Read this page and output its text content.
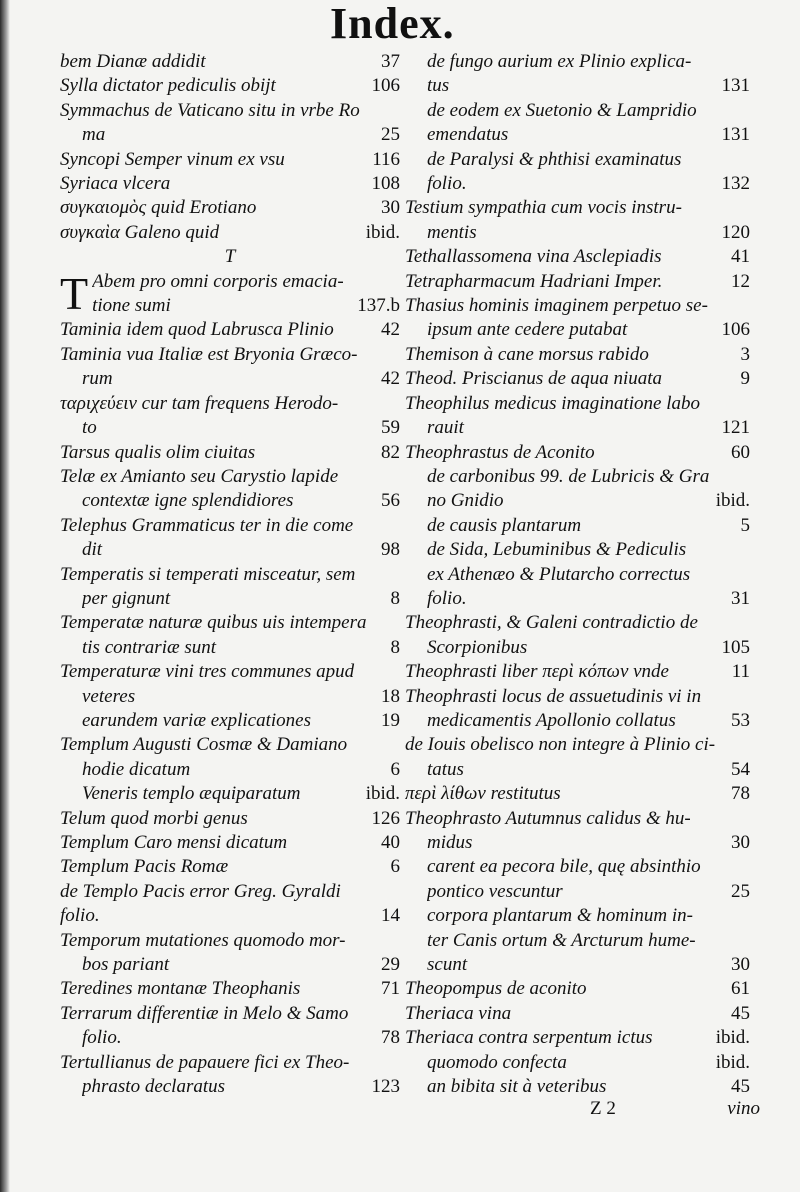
Index.
bem Dianæ addidit	37
Sylla dictator pediculis obijt	106
Symmachus de Vaticano situ in vrbe Ro
ma	25
Syncopi Semper vinum ex vsu	116
Syriaca vlcera	108
συγκαιομὸς quid Erotiano	30
συγκαὶα Galeno quid	ibid.
T
T Abem pro omni corporis emacia-
tione sumi	137.b
Taminia idem quod Labrusca Plinio	42
Taminia vua Italiæ est Bryonia Græco-
rum	42
ταριχεύειν cur tam frequens Herodo-
to	59
Tarsus qualis olim ciuitas	82
Telæ ex Amianto seu Carystio lapide
contextæ igne splendidiores	56
Telephus Grammaticus ter in die come
dit	98
Temperatis si temperati misceatur, sem
per gignunt	8
Temperatæ naturæ quibus uis intempera
tis contrariæ sunt	8
Temperaturæ vini tres communes apud
veteres	18
earundem variæ explicationes	19
Templum Augusti Cosmæ & Damiano
hodie dicatum	6
Veneris templo æquiparatum	ibid.
Telum quod morbi genus	126
Templum Caro mensi dicatum	40
Templum Pacis Romæ	6
de Templo Pacis error Greg. Gyraldi
folio.	14
Temporum mutationes quomodo mor-
bos pariant	29
Teredines montanæ Theophanis	71
Terrarum differentiæ in Melo & Samo
folio.	78
Tertullianus de papauere fici ex Theo-
phrasto declaratus	123
de fungo aurium ex Plinio explica-
tus	131
de eodem ex Suetonio & Lampridio
emendatus	131
de Paralysi & phthisi examinatus
folio.	132
Testium sympathia cum vocis instru-
mentis	120
Tethallassomena vina Asclepiadis	41
Tetrapharmacum Hadriani Imper.	12
Thasius hominis imaginem perpetuo se-
ipsum ante cedere putabat	106
Themison à cane morsus rabido	3
Theod. Priscianus de aqua niuata	9
Theophilus medicus imaginatione labo
rauit	121
Theophrastus de Aconito	60
de carbonibus 99. de Lubricis & Gra
no Gnidio	ibid.
de causis plantarum	5
de Sida, Lebuminibus & Pediculis
ex Athenæo & Plutarcho correctus
folio.	31
Theophrasti, & Galeni contradictio de
Scorpionibus	105
Theophrasti liber περὶ κόπων vnde	11
Theophrasti locus de assuetudinis vi in
medicamentis Apollonio collatus	53
de Iouis obelisco non integre à Plinio ci-
tatus	54
περὶ λίθων restitutus	78
Theophrasto Autumnus calidus & hu-
midus	30
carent ea pecora bile, quę absinthio
pontico vescuntur	25
corpora plantarum & hominum in-
ter Canis ortum & Arcturum hume-
scunt	30
Theopompus de aconito	61
Theriaca vina	45
Theriaca contra serpentum ictus	ibid.
quomodo confecta	ibid.
an bibita sit à veteribus	45
Z 2	vino
